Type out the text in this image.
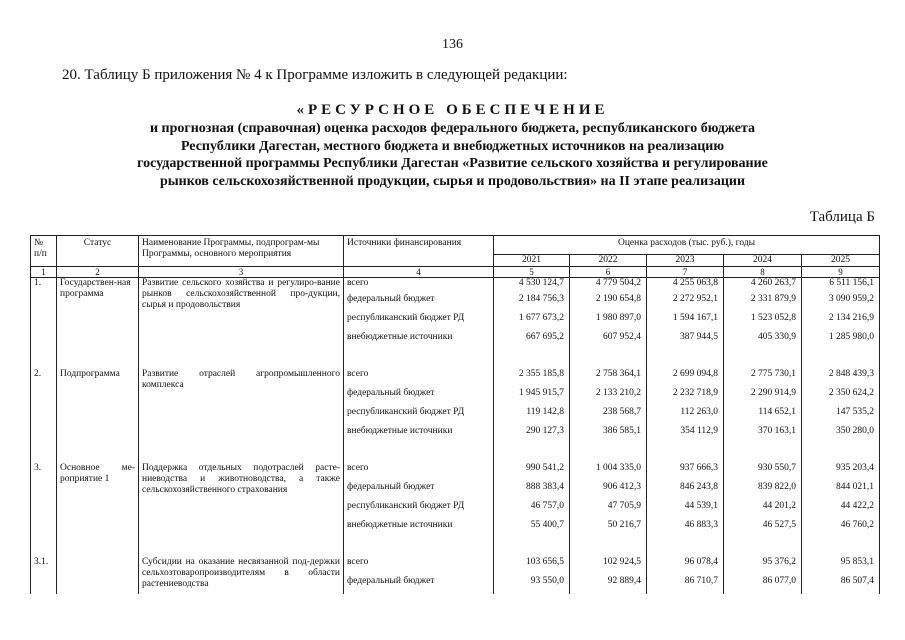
136
20. Таблицу Б приложения № 4 к Программе изложить в следующей редакции:
«РЕСУРСНОЕ ОБЕСПЕЧЕНИЕ
и прогнозная (справочная) оценка расходов федерального бюджета, республиканского бюджета
Республики Дагестан, местного бюджета и внебюджетных источников на реализацию
государственной программы Республики Дагестан «Развитие сельского хозяйства и регулирование
рынков сельскохозяйственной продукции, сырья и продовольствия» на II этапе реализации
Таблица Б
№ п/п	Статус	Наименование Программы, подпрограм-мы Программы, основного мероприятия	Источники финансирования	Оценка расходов (тыс. руб.), годы				
				2021	2022	2023	2024	2025
1	2	3	4	5	6	7	8	9
1.	Государствен-ная программа	Развитие сельского хозяйства и регулиро-вание рынков сельскохозяйственной про-дукции, сырья и продовольствия	всего	4 530 124,7	4 779 504,2	4 255 063,8	4 260 263,7	6 511 156,1
			федеральный бюджет	2 184 756,3	2 190 654,8	2 272 952,1	2 331 879,9	3 090 959,2
			республиканский бюджет РД	1 677 673,2	1 980 897,0	1 594 167,1	1 523 052,8	2 134 216,9
			внебюджетные источники	667 695,2	607 952,4	387 944,5	405 330,9	1 285 980,0

2.	Подпрограмма	Развитие отраслей агропромышленного комплекса	всего	2 355 185,8	2 758 364,1	2 699 094,8	2 775 730,1	2 848 439,3
			федеральный бюджет	1 945 915,7	2 133 210,2	2 232 718,9	2 290 914,9	2 350 624,2
			республиканский бюджет РД	119 142,8	238 568,7	112 263,0	114 652,1	147 535,2
			внебюджетные источники	290 127,3	386 585,1	354 112,9	370 163,1	350 280,0

3.	Основное ме-роприятие 1	Поддержка отдельных подотраслей расте-ниеводства и животноводства, а также сельскохозяйственного страхования	всего	990 541,2	1 004 335,0	937 666,3	930 550,7	935 203,4
			федеральный бюджет	888 383,4	906 412,3	846 243,8	839 822,0	844 021,1
			республиканский бюджет РД	46 757,0	47 705,9	44 539,1	44 201,2	44 422,2
			внебюджетные источники	55 400,7	50 216,7	46 883,3	46 527,5	46 760,2

3.1.		Субсидии на оказание несвязанной под-держки сельхозтоваропроизводителям в области растениеводства	всего	103 656,5	102 924,5	96 078,4	95 376,2	95 853,1
			федеральный бюджет	93 550,0	92 889,4	86 710,7	86 077,0	86 507,4
